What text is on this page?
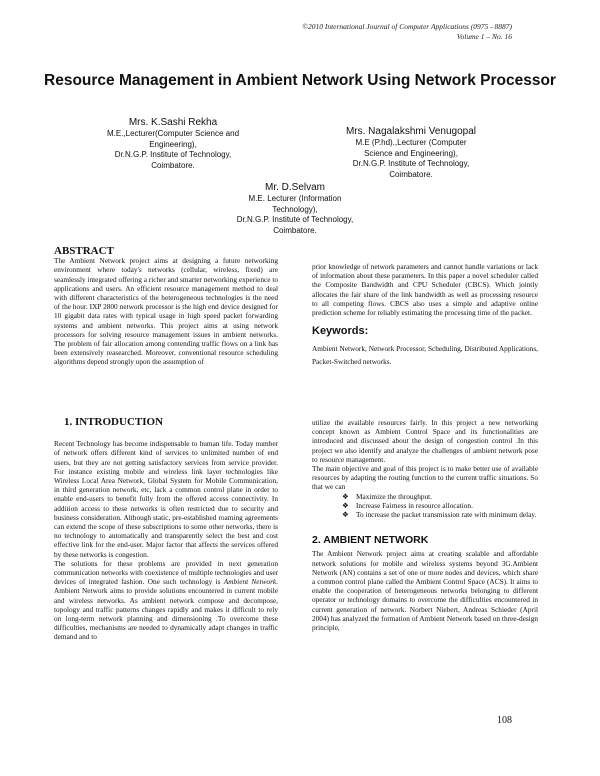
©2010 International Journal of Computer Applications (0975 - 8887)
Volume 1 – No. 16
Resource Management in Ambient Network Using Network Processor
Mrs. K.Sashi Rekha
M.E.,Lecturer(Computer Science and
Engineering),
Dr.N.G.P. Institute of Technology,
Coimbatore.
Mrs. Nagalakshmi Venugopal
M.E (P.hd).,Lecturer (Computer
Science and Engineering),
Dr.N.G.P. Institute of Technology,
Coimbatore.
Mr. D.Selvam
M.E. Lecturer (Information
Technology),
Dr.N.G.P. Institute of Technology,
Coimbatore.
ABSTRACT

The Ambient Network project aims at designing a future networking environment where today's networks (cellular, wireless, fixed) are seamlessly integrated offering a richer and smarter networking experience to applications and users. An efficient resource management method to deal with different characteristics of the heterogeneous technologies is the need of the hour. IXP 2800 network processor is the high end device designed for 10 gigabit data rates with typical usage in high speed packet forwarding systems and ambient networks. This project aims at using network processors for solving resource management issues in ambient networks. The problem of fair allocation among contending traffic flows on a link has been extensively reasearched. Moreover, conventional resource scheduling algorithms depend strongly upon the assumption of

prior knowledge of network parameters and cannot handle variations or lack of information about these parameters. In this paper a novel scheduler called the Composite Bandwidth and CPU Scheduler (CBCS). Which jointly allocates the fair share of the link bandwidth as well as processing resource to all competing flows. CBCS also uses a simple and adaptive online prediction scheme for reliably estimating the processing time of the packet.

Keywords:

Ambient Network, Network Processor, Scheduling, Distributed Applications, Packet-Switched networks.

1. INTRODUCTION

Recent Technology has become indispensable to human life. Today number of network offers different kind of services to unlimited number of end users, but they are not getting satisfactory services from service provider. For instance existing mobile and wireless link layer technologies like Wireless Local Area Network, Global System for Mobile Communication, in third generation network, etc, lack a common control plane in order to enable end-users to benefit fully from the offered access connectivity. In addition access to these networks is often restricted due to security and business consideration. Although static, pre-established roaming agreements can extend the scope of these subscriptions to some other networks, there is no technology to automatically and transparently select the best and cost effective link for the end-user. Major factor that affects the services offered by these networks is congestion.

The solutions for these problems are provided in next generation communication networks with coexistence of multiple technologies and user devices of integrated fashion. One such technology is Ambient Network. Ambient Network aims to provide solutions encountered in current mobile and wireless networks. As ambient network compose and decompose, topology and traffic patterns changes rapidly and makes it difficult to rely on long-term network planning and dimensioning .To overcome these difficulties, mechanisms are needed to dynamically adapt changes in traffic demand and to

utilize the available resources fairly. In this project a new networking concept known as Ambient Control Space and its functionalities are introduced and discussed about the design of congestion control .In this project we also identify and analyze the challenges of ambient network pose to resource management.

The main objective and goal of this project is to make better use of available resources by adapting the routing function to the current traffic situations. So that we can

❖ Maximize the throughput.
❖ Increase Fairness in resource allocation.
❖ To increase the packet transmission rate with minimum delay.
2. AMBIENT NETWORK

The Ambient Network project aims at creating scalable and affordable network solutions for mobile and wireless systems beyond 3G.Ambient Network (AN) contains a set of one or more nodes and devices, which share a common control plane called the Ambient Control Space (ACS). It aims to enable the cooperation of heterogeneous networks belonging to different operator or technology domains to overcome the difficulties encountered in current generation of network. Norbert Niebert, Andreas Schieder (April 2004) has analyzed the formation of Ambient Network based on three-design principle,

108
